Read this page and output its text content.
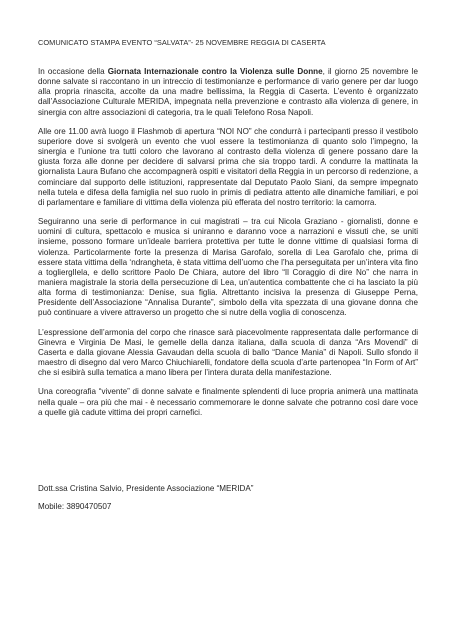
COMUNICATO STAMPA EVENTO “SALVATA”- 25 NOVEMBRE REGGIA DI CASERTA

In occasione della Giornata Internazionale contro la Violenza sulle Donne, il giorno 25 novembre le donne salvate si raccontano in un intreccio di testimonianze e performance di vario genere per dar luogo alla propria rinascita, accolte da una madre bellissima, la Reggia di Caserta. L’evento è organizzato dall’Associazione Culturale MERIDA, impegnata nella prevenzione e contrasto alla violenza di genere, in sinergia con altre associazioni di categoria, tra le quali Telefono Rosa Napoli.

Alle ore 11.00 avrà luogo il Flashmob di apertura “NOI NO” che condurrà i partecipanti presso il vestibolo superiore dove si svolgerà un evento che vuol essere la testimonianza di quanto solo l’impegno, la sinergia e l’unione tra tutti coloro che lavorano al contrasto della violenza di genere possano dare la giusta forza alle donne per decidere di salvarsi prima che sia troppo tardi. A condurre la mattinata la giornalista Laura Bufano che accompagnerà ospiti e visitatori della Reggia in un percorso di redenzione, a cominciare dal supporto delle istituzioni, rappresentate dal Deputato Paolo Siani, da sempre impegnato nella tutela e difesa della famiglia nel suo ruolo in primis di pediatra attento alle dinamiche familiari, e poi di parlamentare e familiare di vittima della violenza più efferata del nostro territorio: la camorra.

Seguiranno una serie di performance in cui magistrati – tra cui Nicola Graziano - giornalisti, donne e uomini di cultura, spettacolo e musica si uniranno e daranno voce a narrazioni e vissuti che, se uniti insieme, possono formare un’ideale barriera protettiva per tutte le donne vittime di qualsiasi forma di violenza. Particolarmente forte la presenza di Marisa Garofalo, sorella di Lea Garofalo che, prima di essere stata vittima della ‘ndrangheta, è stata vittima dell’uomo che l’ha perseguitata per un’intera vita fino a toglierglIela, e dello scrittore Paolo De Chiara, autore del libro “Il Coraggio di dire No” che narra in maniera magistrale la storia della persecuzione di Lea, un’autentica combattente che ci ha lasciato la più alta forma di testimonianza: Denise, sua figlia. Altrettanto incisiva la presenza di Giuseppe Perna, Presidente dell’Associazione “Annalisa Durante”, simbolo della vita spezzata di una giovane donna che può continuare a vivere attraverso un progetto che si nutre della voglia di conoscenza.

L’espressione dell’armonia del corpo che rinasce sarà piacevolmente rappresentata dalle performance di Ginevra e Virginia De Masi, le gemelle della danza italiana, dalla scuola di danza “Ars Movendi” di Caserta e dalla giovane Alessia Gavaudan della scuola di ballo “Dance Mania” di Napoli. Sullo sfondo il maestro di disegno dal vero Marco Chiuchiarelli, fondatore della scuola d’arte partenopea “In Form of Art” che si esibirà sulla tematica a mano libera per l’intera durata della manifestazione.

Una coreografia “vivente” di donne salvate e finalmente splendenti di luce propria animerà una mattinata nella quale – ora più che mai - è necessario commemorare le donne salvate che potranno così dare voce a quelle già cadute vittima dei propri carnefici.

Dott.ssa Cristina Salvio, Presidente Associazione “MERIDA”
Mobile: 3890470507
